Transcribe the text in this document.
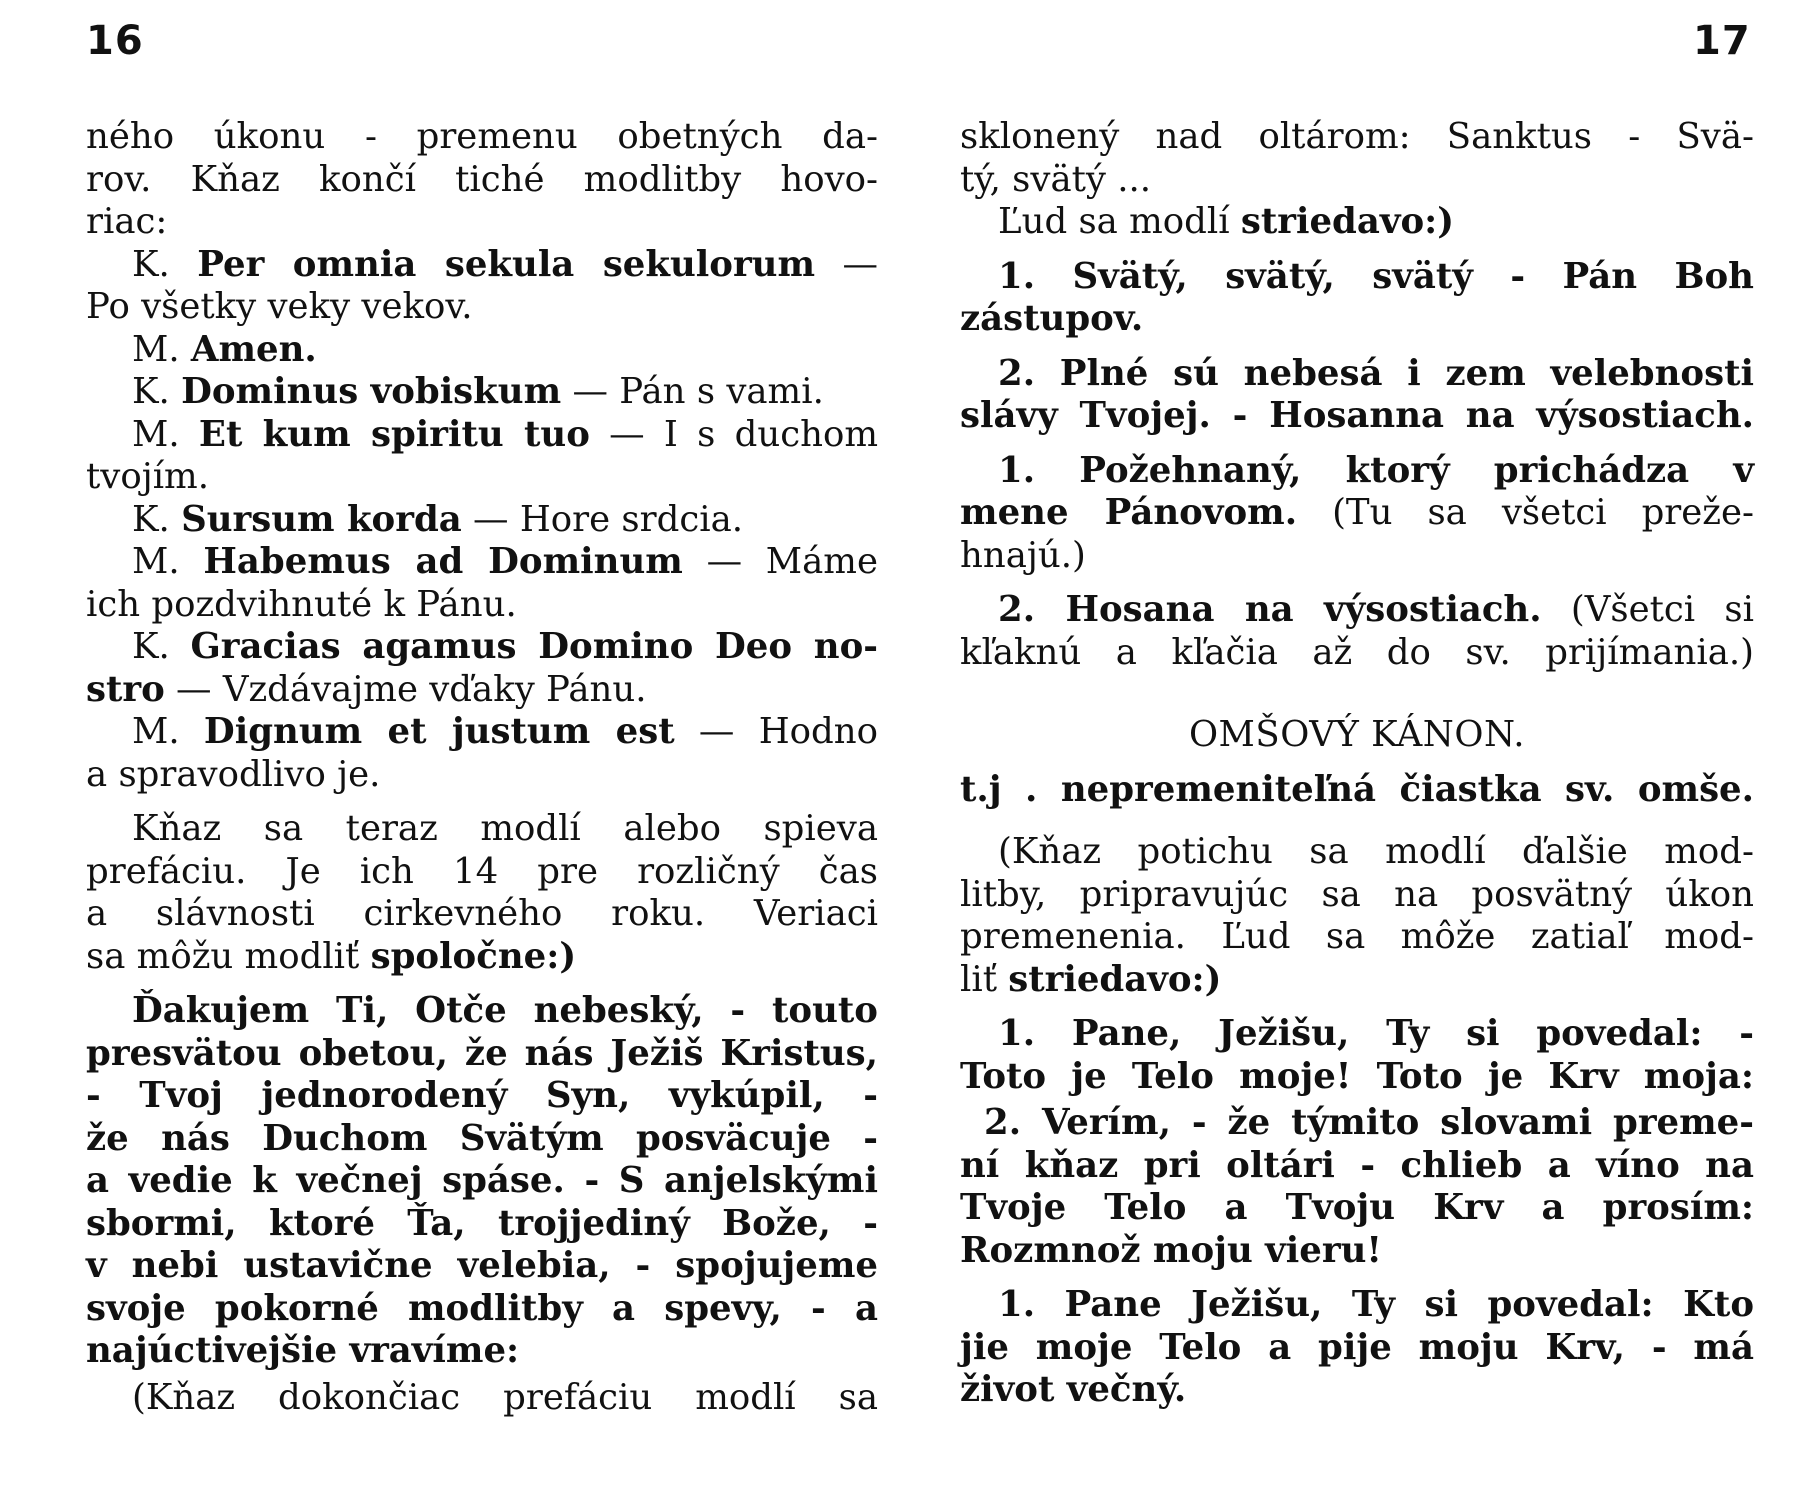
16	17
ného úkonu - premenu obetných da-
rov. Kňaz končí tiché modlitby hovo-
riac:
K. Per omnia sekula sekulorum —
Po všetky veky vekov.
M. Amen.
K. Dominus vobiskum — Pán s vami.
M. Et kum spiritu tuo — I s duchom
tvojím.
K. Sursum korda — Hore srdcia.
M. Habemus ad Dominum — Máme
ich pozdvihnuté k Pánu.
K. Gracias agamus Domino Deo no-
stro — Vzdávajme vďaky Pánu.
M. Dignum et justum est — Hodno
a spravodlivo je.
Kňaz sa teraz modlí alebo spieva
prefáciu. Je ich 14 pre rozličný čas
a slávnosti cirkevného roku. Veriaci
sa môžu modliť spoločne:)
Ďakujem Ti, Otče nebeský, - touto
presvätou obetou, že nás Ježiš Kristus,
- Tvoj jednorodený Syn, vykúpil, -
že nás Duchom Svätým posväcuje -
a vedie k večnej spáse. - S anjelskými
sbormi, ktoré Ťa, trojjediný Bože, -
v nebi ustavične velebia, - spojujeme
svoje pokorné modlitby a spevy, - a
najúctivejšie vravíme:
(Kňaz dokončiac prefáciu modlí sa
sklonený nad oltárom: Sanktus - Svä-
tý, svätý ...
Ľud sa modlí striedavo:)
1. Svätý, svätý, svätý - Pán Boh
zástupov.
2. Plné sú nebesá i zem velebnosti
slávy Tvojej. - Hosanna na výsostiach.
1. Požehnaný, ktorý prichádza v
mene Pánovom. (Tu sa všetci preže-
hnajú.)
2. Hosana na výsostiach. (Všetci si
kľaknú a kľačia až do sv. prijímania.)
OMŠOVÝ KÁNON.
t.j . nepremeniteľná čiastka sv. omše.
(Kňaz potichu sa modlí ďalšie mod-
litby, pripravujúc sa na posvätný úkon
premenenia. Ľud sa môže zatiaľ mod-
liť striedavo:)
1. Pane, Ježišu, Ty si povedal: -
Toto je Telo moje! Toto je Krv moja:
2. Verím, - že týmito slovami preme-
ní kňaz pri oltári - chlieb a víno na
Tvoje Telo a Tvoju Krv a prosím:
Rozmnož moju vieru!
1. Pane Ježišu, Ty si povedal: Kto
jie moje Telo a pije moju Krv, - má
život večný.
